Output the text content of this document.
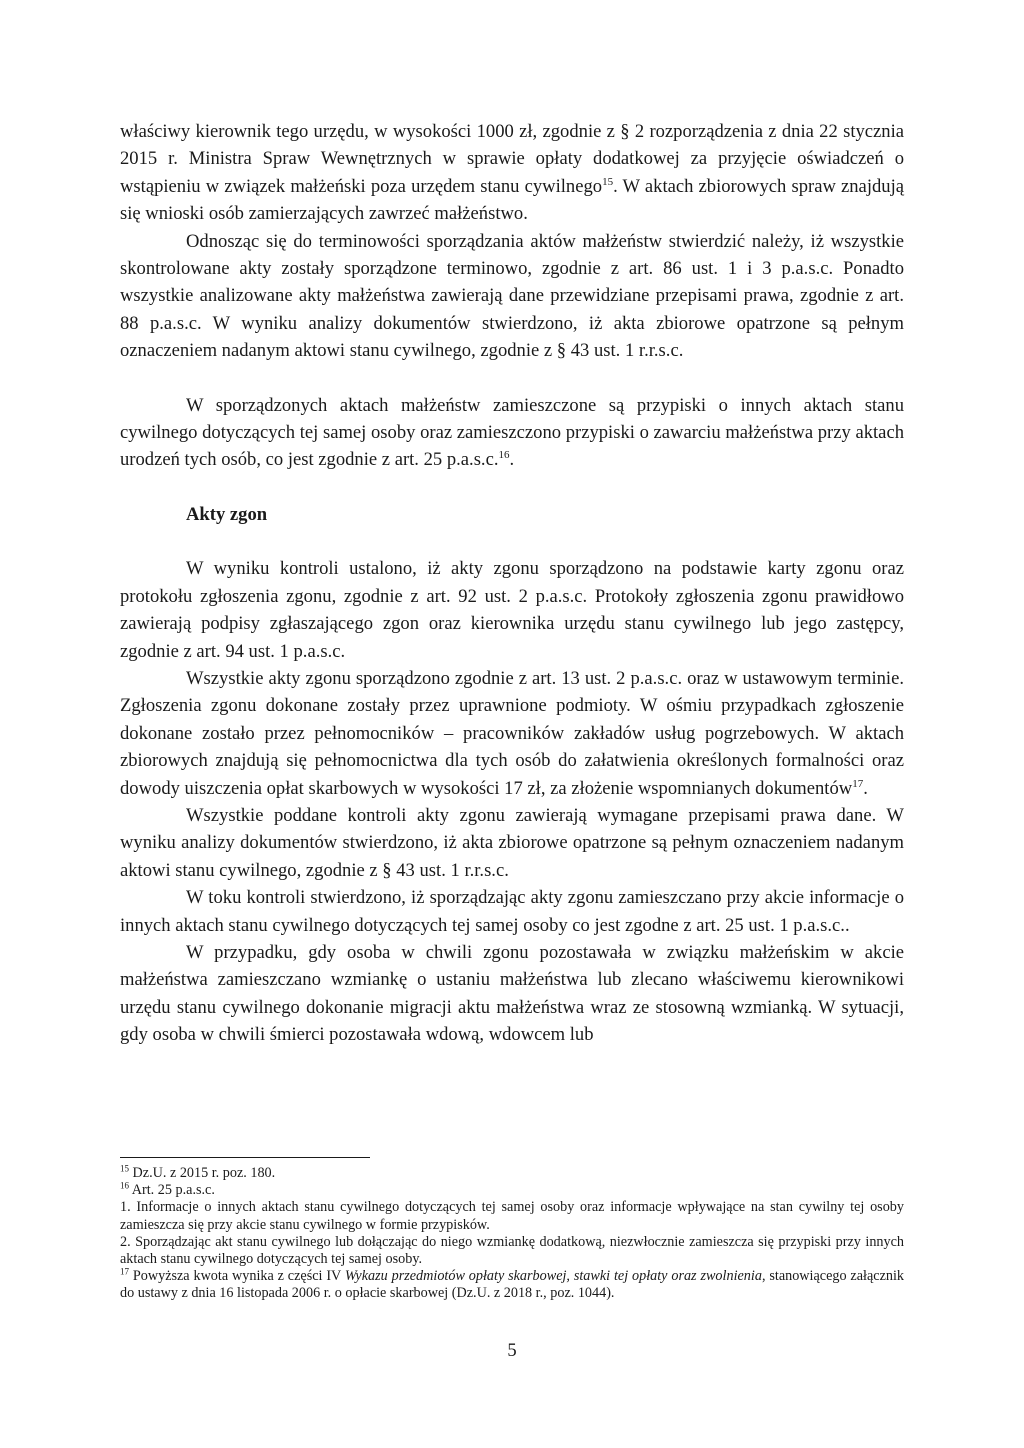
właściwy kierownik tego urzędu, w wysokości 1000 zł, zgodnie z § 2 rozporządzenia z dnia 22 stycznia 2015 r. Ministra Spraw Wewnętrznych w sprawie opłaty dodatkowej za przyjęcie oświadczeń o wstąpieniu w związek małżeński poza urzędem stanu cywilnego$^{15}$. W aktach zbiorowych spraw znajdują się wnioski osób zamierzających zawrzeć małżeństwo.

Odnosząc się do terminowości sporządzania aktów małżeństw stwierdzić należy, iż wszystkie skontrolowane akty zostały sporządzone terminowo, zgodnie z art. 86 ust. 1 i 3 p.a.s.c. Ponadto wszystkie analizowane akty małżeństwa zawierają dane przewidziane przepisami prawa, zgodnie z art. 88 p.a.s.c. W wyniku analizy dokumentów stwierdzono, iż akta zbiorowe opatrzone są pełnym oznaczeniem nadanym aktowi stanu cywilnego, zgodnie z § 43 ust. 1 r.r.s.c.

W sporządzonych aktach małżeństw zamieszczone są przypiski o innych aktach stanu cywilnego dotyczących tej samej osoby oraz zamieszczono przypiski o zawarciu małżeństwa przy aktach urodzeń tych osób, co jest zgodnie z art. 25 p.a.s.c.$^{16}$.

Akty zgon

W wyniku kontroli ustalono, iż akty zgonu sporządzono na podstawie karty zgonu oraz protokołu zgłoszenia zgonu, zgodnie z art. 92 ust. 2 p.a.s.c. Protokoły zgłoszenia zgonu prawidłowo zawierają podpisy zgłaszającego zgon oraz kierownika urzędu stanu cywilnego lub jego zastępcy, zgodnie z art. 94 ust. 1 p.a.s.c.

Wszystkie akty zgonu sporządzono zgodnie z art. 13 ust. 2 p.a.s.c. oraz w ustawowym terminie. Zgłoszenia zgonu dokonane zostały przez uprawnione podmioty. W ośmiu przypadkach zgłoszenie dokonane zostało przez pełnomocników – pracowników zakładów usług pogrzebowych. W aktach zbiorowych znajdują się pełnomocnictwa dla tych osób do załatwienia określonych formalności oraz dowody uiszczenia opłat skarbowych w wysokości 17 zł, za złożenie wspomnianych dokumentów$^{17}$.

Wszystkie poddane kontroli akty zgonu zawierają wymagane przepisami prawa dane. W wyniku analizy dokumentów stwierdzono, iż akta zbiorowe opatrzone są pełnym oznaczeniem nadanym aktowi stanu cywilnego, zgodnie z § 43 ust. 1 r.r.s.c.

W toku kontroli stwierdzono, iż sporządzając akty zgonu zamieszczano przy akcie informacje o innych aktach stanu cywilnego dotyczących tej samej osoby co jest zgodne z art. 25 ust. 1 p.a.s.c..

W przypadku, gdy osoba w chwili zgonu pozostawała w związku małżeńskim w akcie małżeństwa zamieszczano wzmiankę o ustaniu małżeństwa lub zlecano właściwemu kierownikowi urzędu stanu cywilnego dokonanie migracji aktu małżeństwa wraz ze stosowną wzmianką. W sytuacji, gdy osoba w chwili śmierci pozostawała wdową, wdowcem lub

$^{15}$ Dz.U. z 2015 r. poz. 180.

$^{16}$ Art. 25 p.a.s.c.

1. Informacje o innych aktach stanu cywilnego dotyczących tej samej osoby oraz informacje wpływające na stan cywilny tej osoby zamieszcza się przy akcie stanu cywilnego w formie przypisków.

2. Sporządzając akt stanu cywilnego lub dołączając do niego wzmiankę dodatkową, niezwłocznie zamieszcza się przypiski przy innych aktach stanu cywilnego dotyczących tej samej osoby.

$^{17}$ Powyższa kwota wynika z części IV Wykazu przedmiotów opłaty skarbowej, stawki tej opłaty oraz zwolnienia, stanowiącego załącznik do ustawy z dnia 16 listopada 2006 r. o opłacie skarbowej (Dz.U. z 2018 r., poz. 1044).

5
